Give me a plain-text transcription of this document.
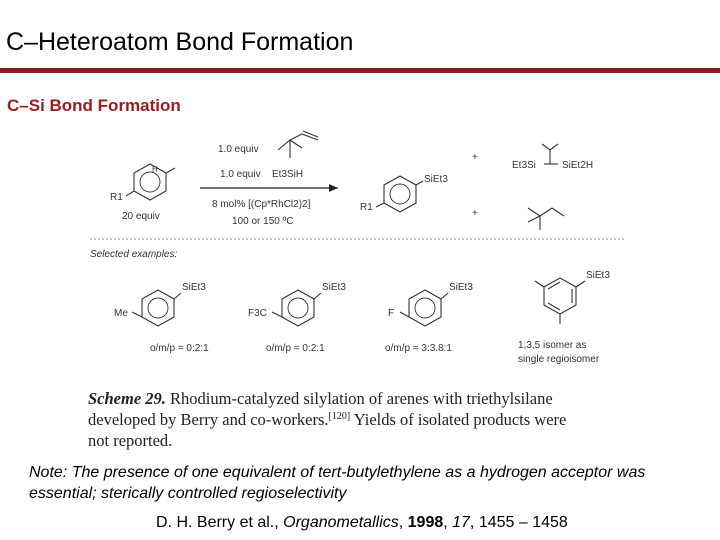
C–Heteroatom Bond Formation
C–Si Bond Formation
H
R1
20 equiv
1.0 equiv
1.0 equiv Et3SiH
8 mol% [(Cp*RhCl2)2]
100 or 150 ºC
SiEt3
R1
+
Et3Si	SiEt2H
+
Selected examples:
SiEt3
Me
o/m/p = 0:2:1
SiEt3
F3C
o/m/p = 0:2:1
SiEt3
F
o/m/p = 3:3.8:1
SiEt3
1,3,5 isomer as
single regioisomer
Scheme 29. Rhodium-catalyzed silylation of arenes with triethylsilane
developed by Berry and co-workers.[120] Yields of isolated products were
not reported.
Note: The presence of one equivalent of tert-butylethylene as a hydrogen acceptor was essential; sterically controlled regioselectivity
D. H. Berry et al., Organometallics, 1998, 17, 1455 – 1458
